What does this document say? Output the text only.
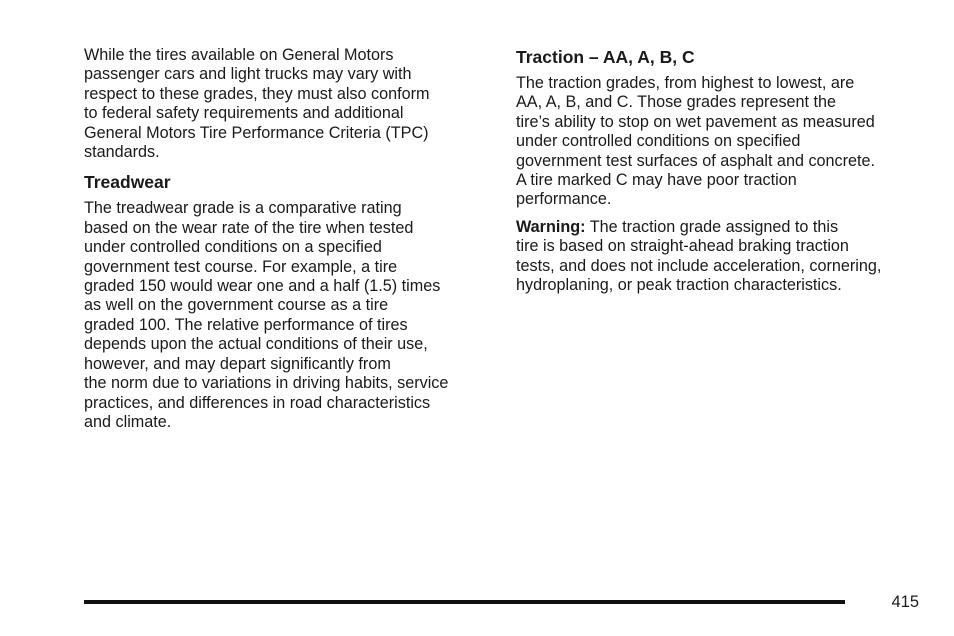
While the tires available on General Motors
passenger cars and light trucks may vary with
respect to these grades, they must also conform
to federal safety requirements and additional
General Motors Tire Performance Criteria (TPC)
standards.

Treadwear

The treadwear grade is a comparative rating
based on the wear rate of the tire when tested
under controlled conditions on a specified
government test course. For example, a tire
graded 150 would wear one and a half (1.5) times
as well on the government course as a tire
graded 100. The relative performance of tires
depends upon the actual conditions of their use,
however, and may depart significantly from
the norm due to variations in driving habits, service
practices, and differences in road characteristics
and climate.

Traction – AA, A, B, C

The traction grades, from highest to lowest, are
AA, A, B, and C. Those grades represent the
tire’s ability to stop on wet pavement as measured
under controlled conditions on specified
government test surfaces of asphalt and concrete.
A tire marked C may have poor traction
performance.

Warning: The traction grade assigned to this
tire is based on straight-ahead braking traction
tests, and does not include acceleration, cornering,
hydroplaning, or peak traction characteristics.

415
